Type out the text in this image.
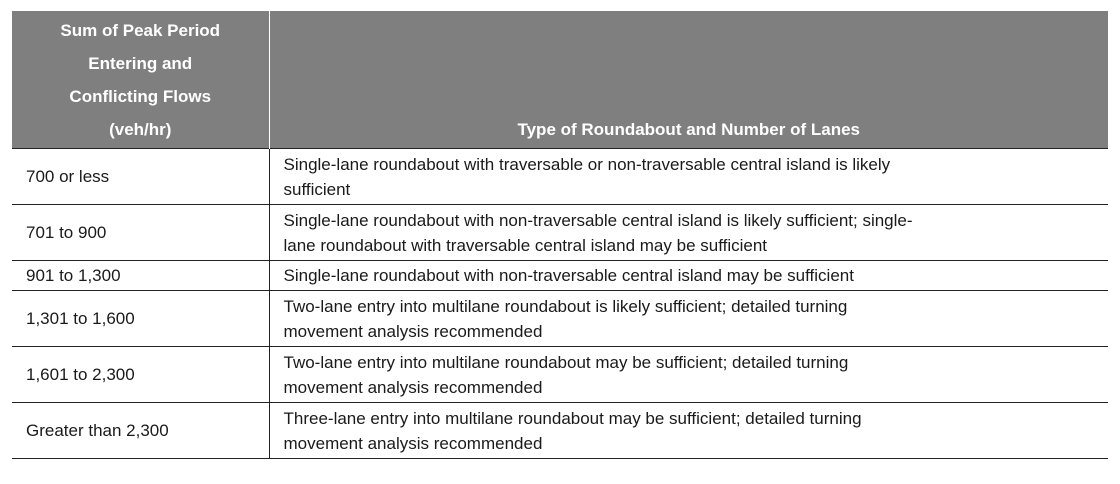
Sum of Peak Period
Entering and
Conflicting Flows
(veh/hr)	Type of Roundabout and Number of Lanes
700 or less	Single-lane roundabout with traversable or non-traversable central island is likely
sufficient

701 to 900	Single-lane roundabout with non-traversable central island is likely sufficient; single-
lane roundabout with traversable central island may be sufficient

901 to 1,300	Single-lane roundabout with non-traversable central island may be sufficient

1,301 to 1,600	Two-lane entry into multilane roundabout is likely sufficient; detailed turning
movement analysis recommended

1,601 to 2,300	Two-lane entry into multilane roundabout may be sufficient; detailed turning
movement analysis recommended

Greater than 2,300	Three-lane entry into multilane roundabout may be sufficient; detailed turning
movement analysis recommended
